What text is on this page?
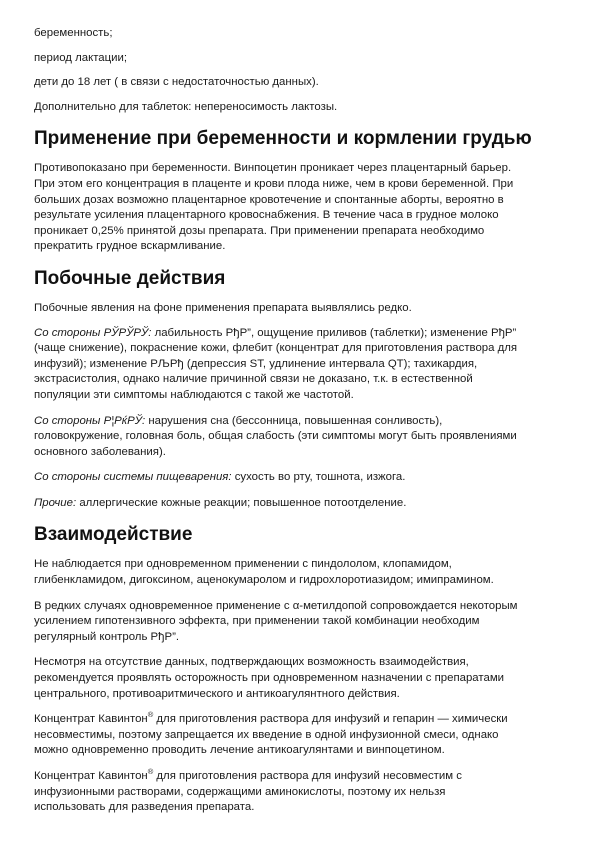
беременность;

период лактации;

дети до 18 лет ( в связи с недостаточностью данных).

Дополнительно для таблеток: непереносимость лактозы.

Применение при беременности и кормлении грудью

Противопоказано при беременности. Винпоцетин проникает через плацентарный барьер.
При этом его концентрация в плаценте и крови плода ниже, чем в крови беременной. При
больших дозах возможно плацентарное кровотечение и спонтанные аборты, вероятно в
результате усиления плацентарного кровоснабжения. В течение часа в грудное молоко
проникает 0,25% принятой дозы препарата. При применении препарата необходимо
прекратить грудное вскармливание.

Побочные действия

Побочные явления на фоне применения препарата выявлялись редко.

Со стороны РЎРЎРЎ: лабильность РђР”, ощущение приливов (таблетки); изменение РђР”
(чаще снижение), покраснение кожи, флебит (концентрат для приготовления раствора для
инфузий); изменение РЉРђ (депрессия ST, удлинение интервала QT); тахикардия,
экстрасистолия, однако наличие причинной связи не доказано, т.к. в естественной
популяции эти симптомы наблюдаются с такой же частотой.

Со стороны Р¦РќРЎ: нарушения сна (бессонница, повышенная сонливость),
головокружение, головная боль, общая слабость (эти симптомы могут быть проявлениями
основного заболевания).

Со стороны системы пищеварения: сухость во рту, тошнота, изжога.

Прочие: аллергические кожные реакции; повышенное потоотделение.

Взаимодействие

Не наблюдается при одновременном применении с пиндололом, клопамидом,
глибенкламидом, дигоксином, аценокумаролом и гидрохлоротиазидом; имипрамином.

В редких случаях одновременное применение с α-метилдопой сопровождается некоторым
усилением гипотензивного эффекта, при применении такой комбинации необходим
регулярный контроль РђР”.

Несмотря на отсутствие данных, подтверждающих возможность взаимодействия,
рекомендуется проявлять осторожность при одновременном назначении с препаратами
центрального, противоаритмического и антикоагулянтного действия.

Концентрат Кавинтон® для приготовления раствора для инфузий и гепарин — химически
несовместимы, поэтому запрещается их введение в одной инфузионной смеси, однако
можно одновременно проводить лечение антикоагулянтами и винпоцетином.

Концентрат Кавинтон® для приготовления раствора для инфузий несовместим с
инфузионными растворами, содержащими аминокислоты, поэтому их нельзя
использовать для разведения препарата.
